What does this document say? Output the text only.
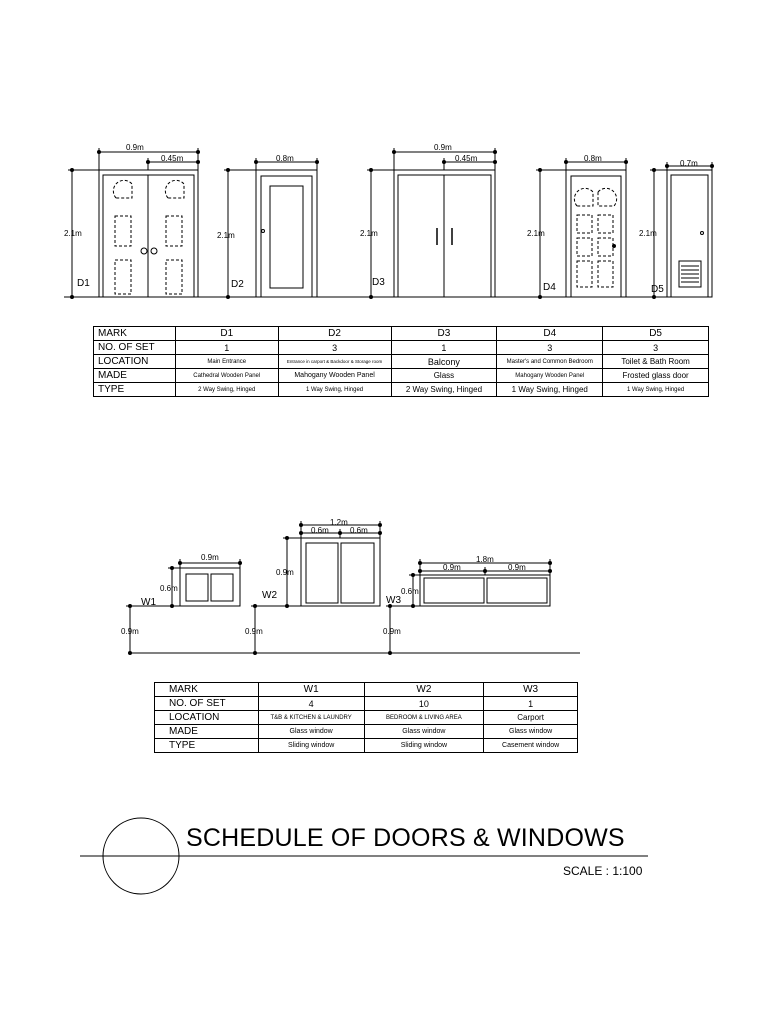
0.9m
0.45m
2.1m
0.8m
2.1m
0.9m
0.45m
2.1m
0.8m
2.1m
0.7m
2.1m
D1	D2	D3	D4	D5
MARK	D1	D2	D3	D4	D5
NO. OF SET	1	3	1	3	3
LOCATION	Main Entrance	Entrance in carport & Backdoor & Storage room	Balcony	Master's and Common Bedroom	Toilet & Bath Room
MADE	Cathedral Wooden Panel	Mahogany Wooden Panel	Glass	Mahogany Wooden Panel	Frosted glass door
TYPE	2 Way Swing, Hinged	1 Way Swing, Hinged	2 Way Swing, Hinged	1 Way Swing, Hinged	1 Way Swing, Hinged
0.9m
0.6m
0.9m
1.2m
0.6m	0.6m
0.9m
0.9m
1.8m
0.9m	0.9m
0.6m
0.9m
W1
W2	W3
MARK	W1	W2	W3
NO. OF SET	4	10	1
LOCATION	T&B & KITCHEN & LAUNDRY	BEDROOM & LIVING AREA	Carport
MADE	Glass window	Glass window	Glass window
TYPE	Sliding window	Sliding window	Casement window
SCHEDULE OF DOORS & WINDOWS
SCALE : 1:100
